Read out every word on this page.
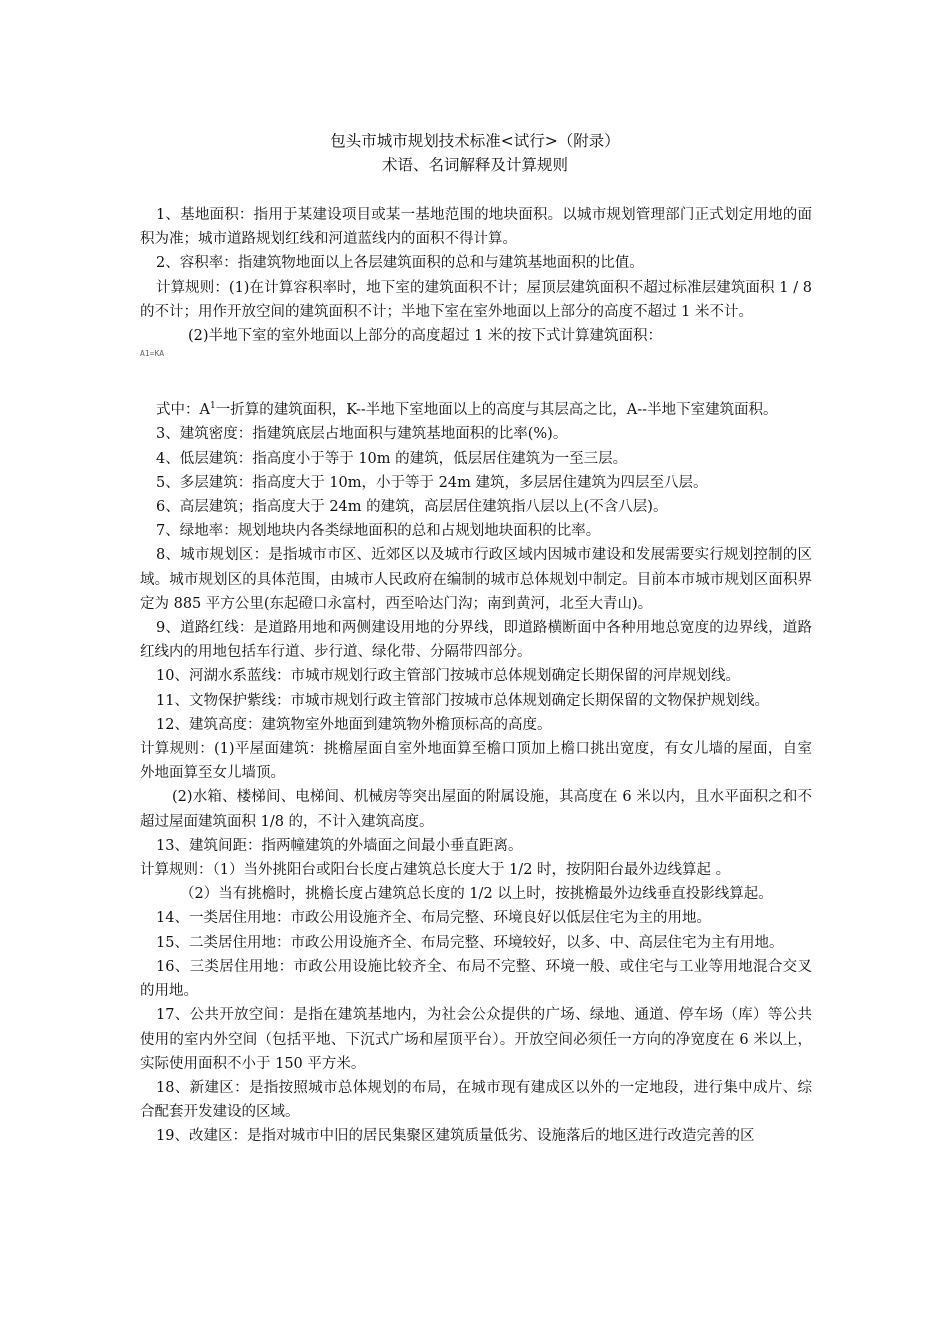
包头市城市规划技术标准<试行>（附录）
术语、名词解释及计算规则

1、基地面积：指用于某建设项目或某一基地范围的地块面积。以城市规划管理部门正式划定用地的面积为准；城市道路规划红线和河道蓝线内的面积不得计算。

2、容积率：指建筑物地面以上各层建筑面积的总和与建筑基地面积的比值。

计算规则：(1)在计算容积率时，地下室的建筑面积不计；屋顶层建筑面积不超过标准层建筑面积 1 / 8 的不计；用作开放空间的建筑面积不计；半地下室在室外地面以上部分的高度不超过 1 米不计。

(2)半地下室的室外地面以上部分的高度超过 1 米的按下式计算建筑面积：

A1=KA

式中：$A^1$一折算的建筑面积，K--半地下室地面以上的高度与其层高之比，A--半地下室建筑面积。

3、建筑密度：指建筑底层占地面积与建筑基地面积的比率(%)。

4、低层建筑：指高度小于等于 10m 的建筑，低层居住建筑为一至三层。

5、多层建筑：指高度大于 10m，小于等于 24m 建筑，多层居住建筑为四层至八层。

6、高层建筑；指高度大于 24m 的建筑，高层居住建筑指八层以上(不含八层)。

7、绿地率：规划地块内各类绿地面积的总和占规划地块面积的比率。

8、城市规划区：是指城市市区、近郊区以及城市行政区域内因城市建设和发展需要实行规划控制的区域。城市规划区的具体范围，由城市人民政府在编制的城市总体规划中制定。目前本市城市规划区面积界定为 885 平方公里(东起磴口永富村，西至哈达门沟；南到黄河，北至大青山)。

9、道路红线：是道路用地和两侧建设用地的分界线，即道路横断面中各种用地总宽度的边界线，道路红线内的用地包括车行道、步行道、绿化带、分隔带四部分。

10、河湖水系蓝线：市城市规划行政主管部门按城市总体规划确定长期保留的河岸规划线。

11、文物保护紫线：市城市规划行政主管部门按城市总体规划确定长期保留的文物保护规划线。

12、建筑高度：建筑物室外地面到建筑物外檐顶标高的高度。

计算规则：(1)平屋面建筑：挑檐屋面自室外地面算至檐口顶加上檐口挑出宽度，有女儿墙的屋面，自室外地面算至女儿墙顶。

(2)水箱、楼梯间、电梯间、机械房等突出屋面的附属设施，其高度在 6 米以内，且水平面积之和不超过屋面建筑面积 1/8 的，不计入建筑高度。

13、建筑间距：指两幢建筑的外墙面之间最小垂直距离。

计算规则：（1）当外挑阳台或阳台长度占建筑总长度大于 1/2 时，按阴阳台最外边线算起 。

（2）当有挑檐时，挑檐长度占建筑总长度的 1/2 以上时，按挑檐最外边线垂直投影线算起。

14、一类居住用地：市政公用设施齐全、布局完整、环境良好以低层住宅为主的用地。

15、二类居住用地：市政公用设施齐全、布局完整、环境较好，以多、中、高层住宅为主有用地。

16、三类居住用地：市政公用设施比较齐全、布局不完整、环境一般、或住宅与工业等用地混合交叉的用地。

17、公共开放空间：是指在建筑基地内，为社会公众提供的广场、绿地、通道、停车场（库）等公共使用的室内外空间（包括平地、下沉式广场和屋顶平台）。开放空间必须任一方向的净宽度在 6 米以上，实际使用面积不小于 150 平方米。

18、新建区：是指按照城市总体规划的布局，在城市现有建成区以外的一定地段，进行集中成片、综合配套开发建设的区域。

19、改建区：是指对城市中旧的居民集聚区建筑质量低劣、设施落后的地区进行改造完善的区
